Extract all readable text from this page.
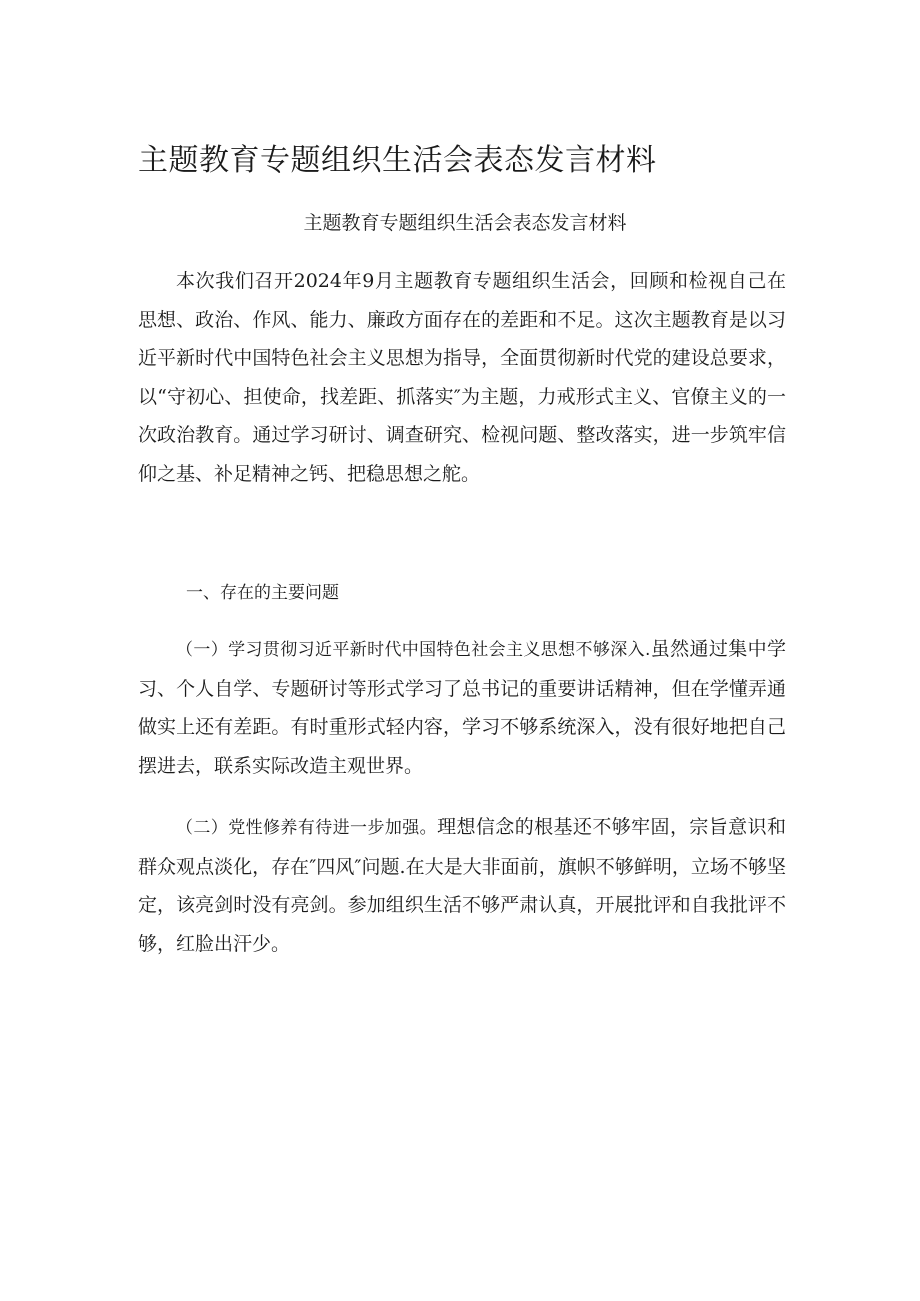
主题教育专题组织生活会表态发言材料
主题教育专题组织生活会表态发言材料

本次我们召开2024年9月主题教育专题组织生活会，回顾和检视自己在思想、政治、作风、能力、廉政方面存在的差距和不足。这次主题教育是以习近平新时代中国特色社会主义思想为指导，全面贯彻新时代党的建设总要求，以“守初心、担使命，找差距、抓落实″为主题，力戒形式主义、官僚主义的一次政治教育。通过学习研讨、调查研究、检视问题、整改落实，进一步筑牢信仰之基、补足精神之钙、把稳思想之舵。

一、存在的主要问题

（一）学习贯彻习近平新时代中国特色社会主义思想不够深入.虽然通过集中学习、个人自学、专题研讨等形式学习了总书记的重要讲话精神，但在学懂弄通做实上还有差距。有时重形式轻内容，学习不够系统深入，没有很好地把自己摆进去，联系实际改造主观世界。

（二）党性修养有待进一步加强。理想信念的根基还不够牢固，宗旨意识和群众观点淡化，存在″四风″问题.在大是大非面前，旗帜不够鲜明，立场不够坚定，该亮剑时没有亮剑。参加组织生活不够严肃认真，开展批评和自我批评不够，红脸出汗少。
